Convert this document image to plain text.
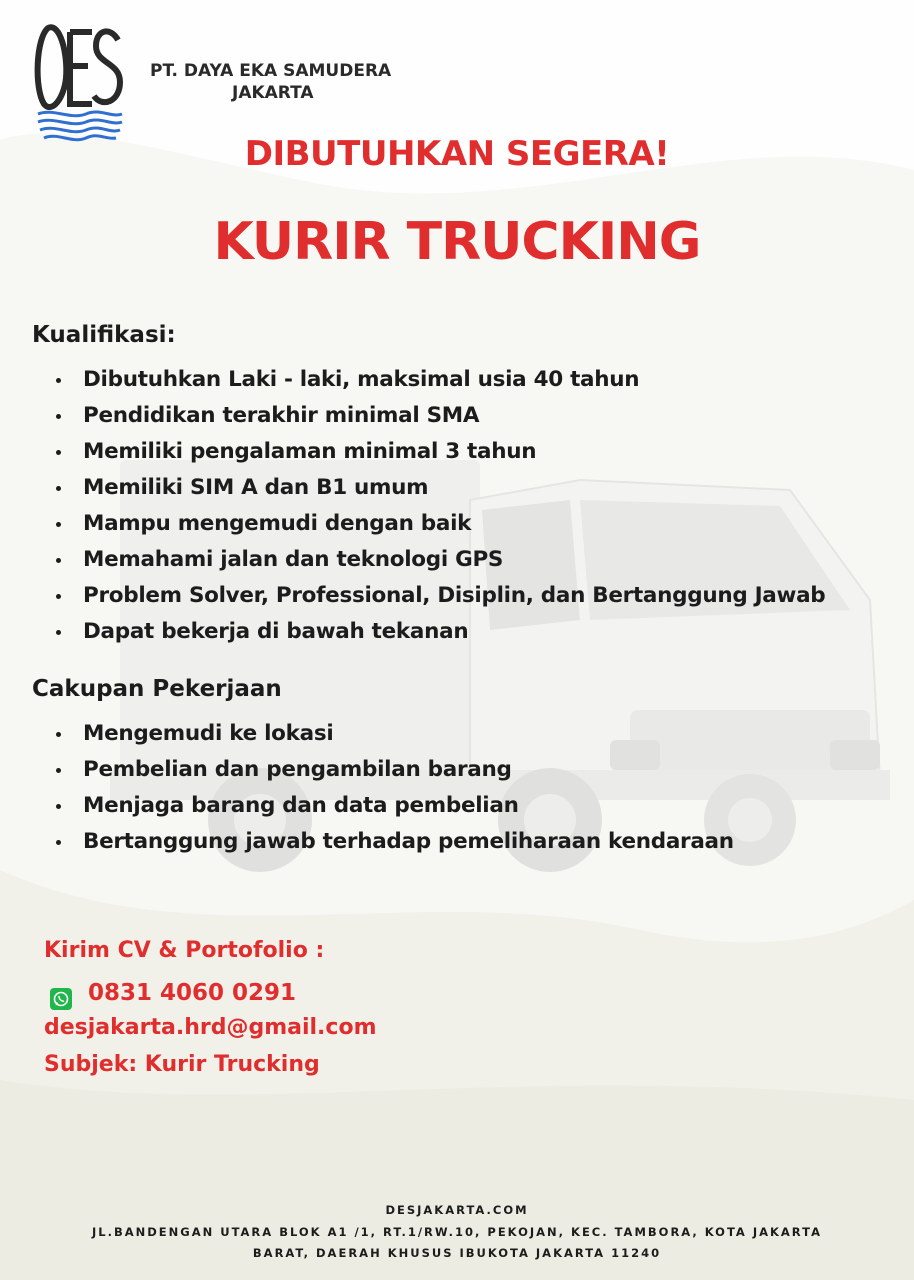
PT. DAYA EKA SAMUDERA
JAKARTA
DIBUTUHKAN SEGERA!
KURIR TRUCKING
Kualifikasi:
Dibutuhkan Laki - laki, maksimal usia 40 tahun
Pendidikan terakhir minimal SMA
Memiliki pengalaman minimal 3 tahun
Memiliki SIM A dan B1 umum
Mampu mengemudi dengan baik
Memahami jalan dan teknologi GPS
Problem Solver, Professional, Disiplin, dan Bertanggung Jawab
Dapat bekerja di bawah tekanan
Cakupan Pekerjaan
Mengemudi ke lokasi
Pembelian dan pengambilan barang
Menjaga barang dan data pembelian
Bertanggung jawab terhadap pemeliharaan kendaraan
Kirim CV & Portofolio :
0831 4060 0291
desjakarta.hrd@gmail.com
Subjek: Kurir Trucking
DESJAKARTA.COM
JL.BANDENGAN UTARA BLOK A1 /1, RT.1/RW.10, PEKOJAN, KEC. TAMBORA, KOTA JAKARTA
BARAT, DAERAH KHUSUS IBUKOTA JAKARTA 11240
